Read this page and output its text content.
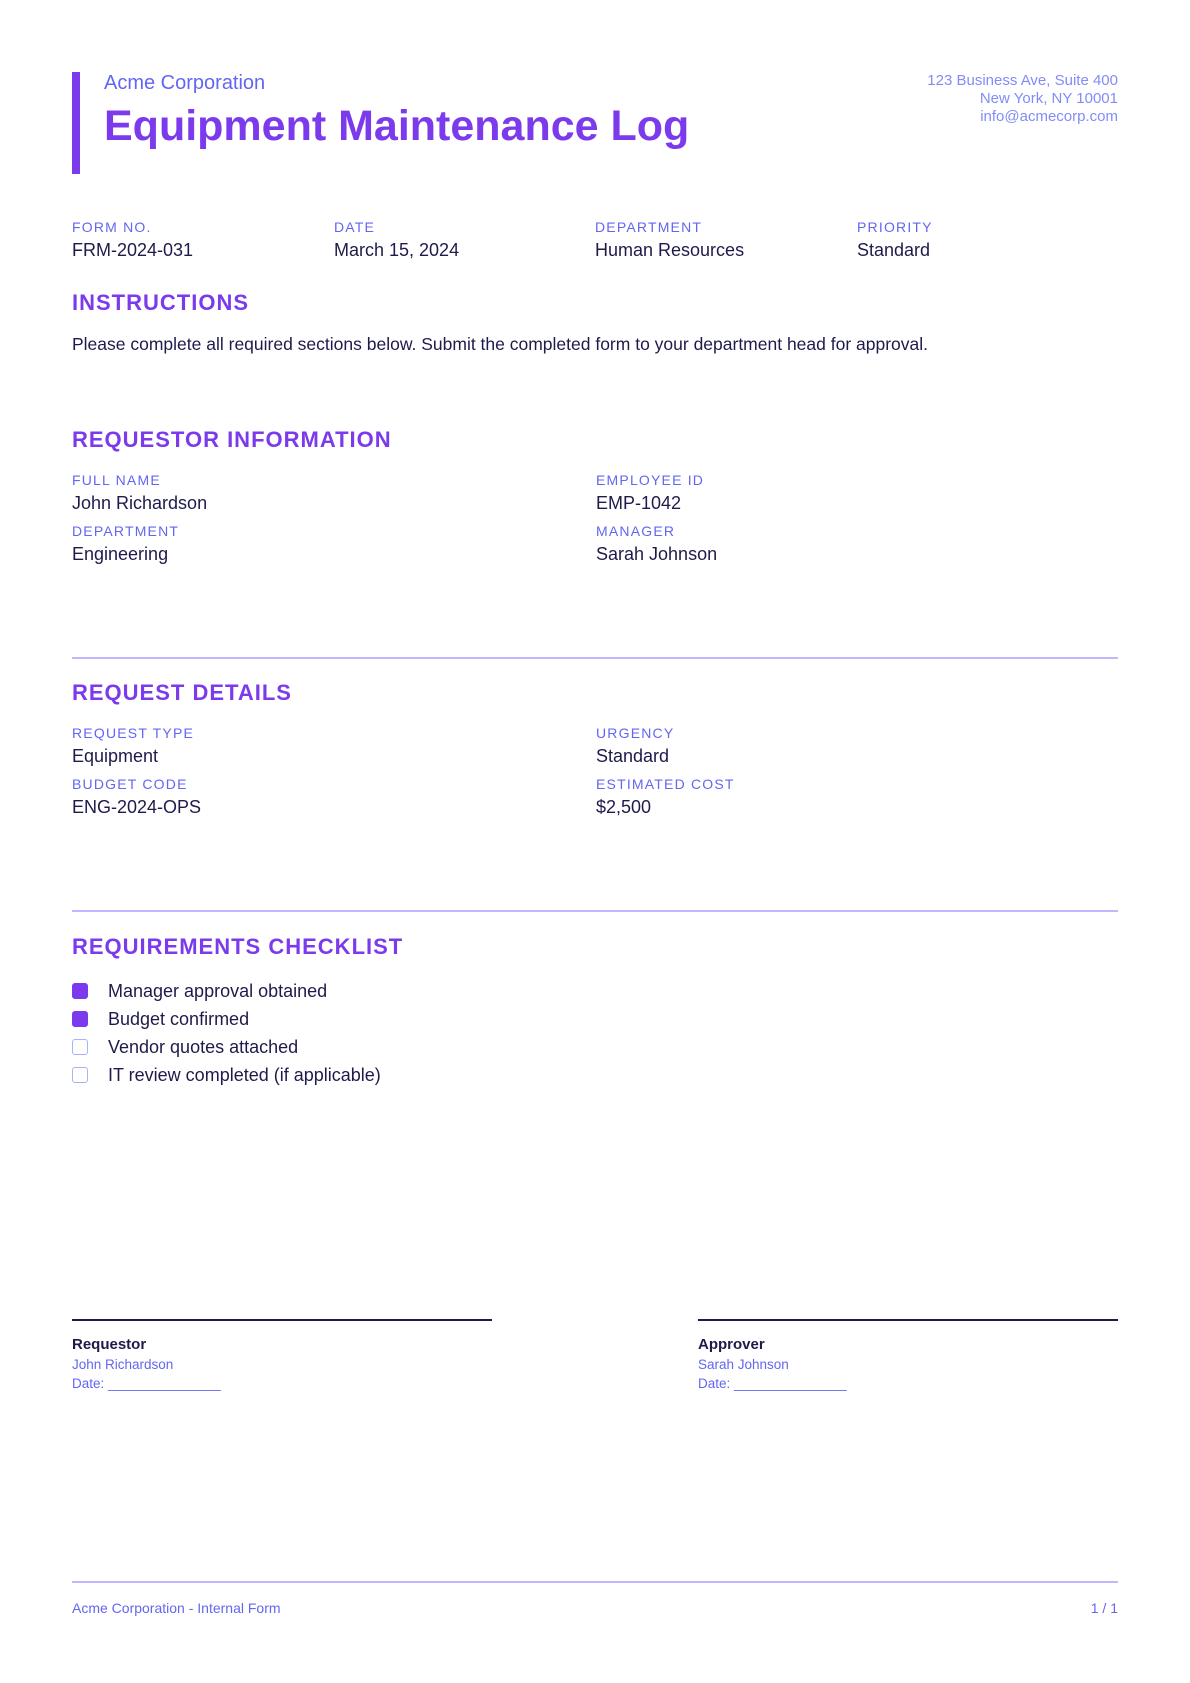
Acme Corporation
Equipment Maintenance Log
123 Business Ave, Suite 400
New York, NY 10001
info@acmecorp.com
FORM NO.
FRM-2024-031
DATE
March 15, 2024
DEPARTMENT
Human Resources
PRIORITY
Standard
INSTRUCTIONS
Please complete all required sections below. Submit the completed form to your department head for approval.
REQUESTOR INFORMATION
FULL NAME
John Richardson
EMPLOYEE ID
EMP-1042
DEPARTMENT
Engineering
MANAGER
Sarah Johnson
REQUEST DETAILS
REQUEST TYPE
Equipment
URGENCY
Standard
BUDGET CODE
ENG-2024-OPS
ESTIMATED COST
$2,500
REQUIREMENTS CHECKLIST
Manager approval obtained
Budget confirmed
Vendor quotes attached
IT review completed (if applicable)
Requestor
John Richardson
Date: _______________
Approver
Sarah Johnson
Date: _______________
Acme Corporation - Internal Form	1 / 1
